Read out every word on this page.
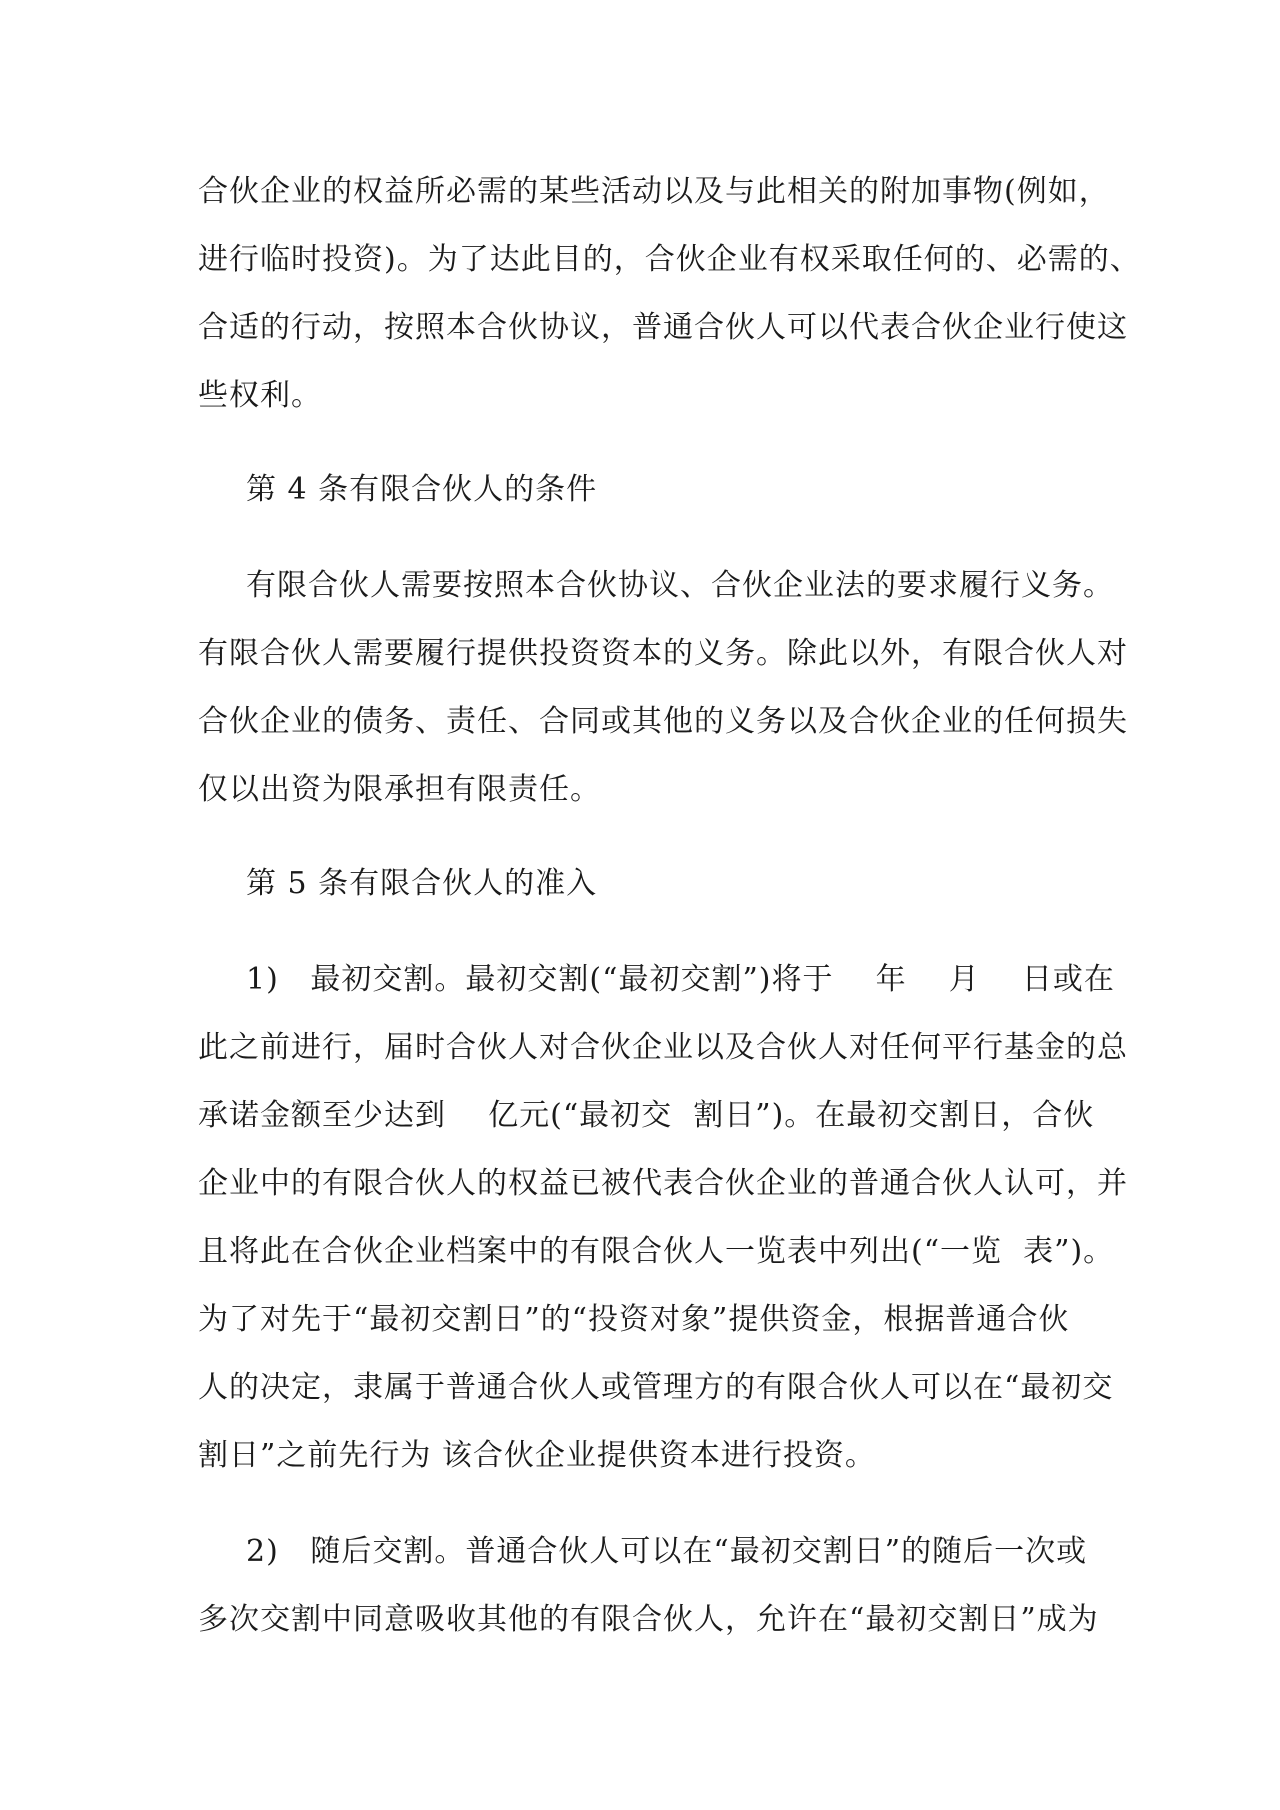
合伙企业的权益所必需的某些活动以及与此相关的附加事物(例如，
进行临时投资)。为了达此目的，合伙企业有权采取任何的、必需的、
合适的行动，按照本合伙协议，普通合伙人可以代表合伙企业行使这
些权利。
第 4 条有限合伙人的条件
有限合伙人需要按照本合伙协议、合伙企业法的要求履行义务。
有限合伙人需要履行提供投资资本的义务。除此以外，有限合伙人对
合伙企业的债务、责任、合同或其他的义务以及合伙企业的任何损失
仅以出资为限承担有限责任。
第 5 条有限合伙人的准入
1)   最初交割。最初交割(“最初交割”)将于    年    月    日或在
此之前进行，届时合伙人对合伙企业以及合伙人对任何平行基金的总
承诺金额至少达到    亿元(“最初交  割日”)。在最初交割日，合伙
企业中的有限合伙人的权益已被代表合伙企业的普通合伙人认可，并
且将此在合伙企业档案中的有限合伙人一览表中列出(“一览  表”)。
为了对先于“最初交割日”的“投资对象”提供资金，根据普通合伙
人的决定，隶属于普通合伙人或管理方的有限合伙人可以在“最初交
割日”之前先行为 该合伙企业提供资本进行投资。
2)   随后交割。普通合伙人可以在“最初交割日”的随后一次或
多次交割中同意吸收其他的有限合伙人，允许在“最初交割日”成为
